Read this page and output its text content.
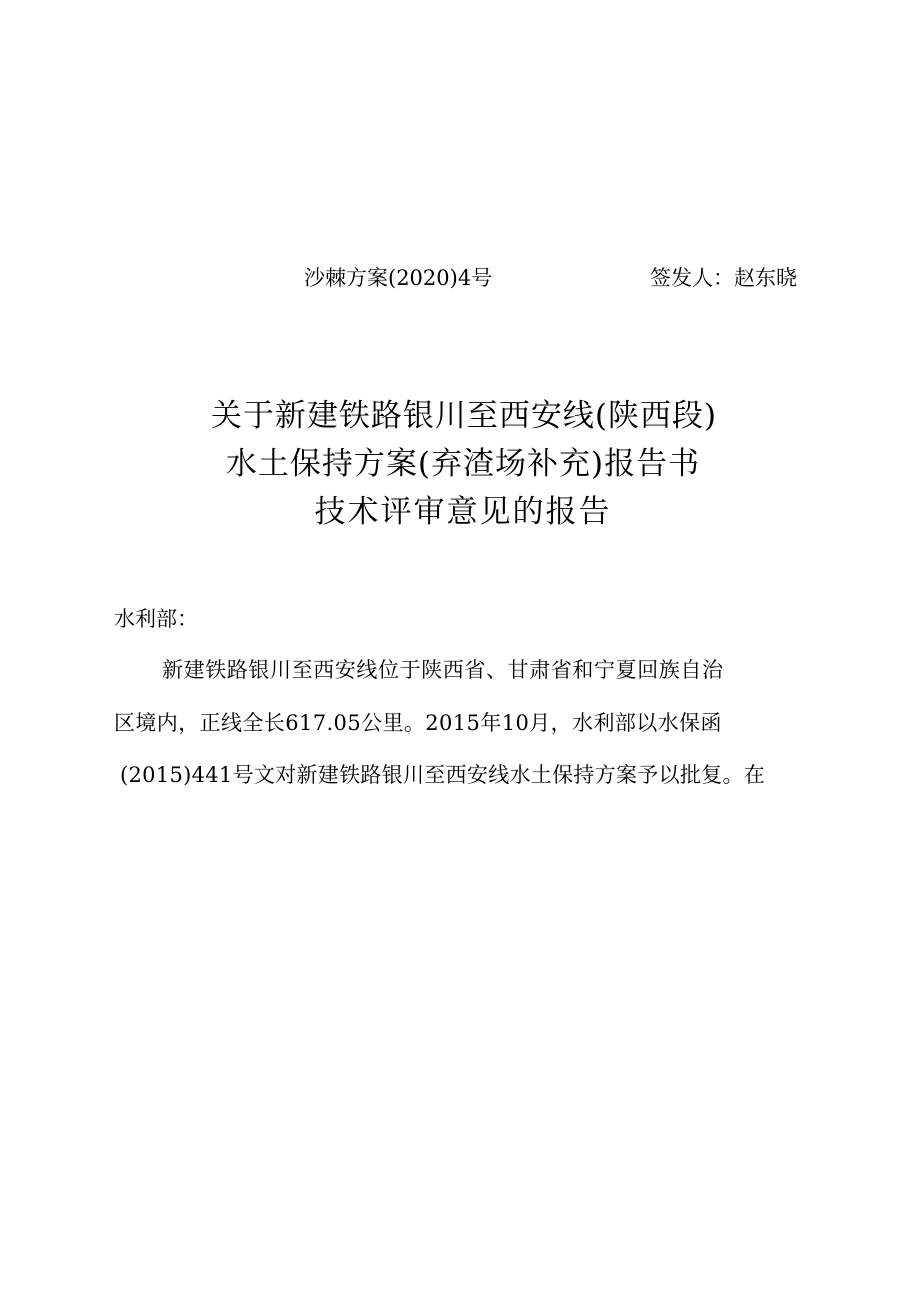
沙棘方案(2020)4号	签发人：赵东晓
关于新建铁路银川至西安线(陕西段)
水土保持方案(弃渣场补充)报告书
技术评审意见的报告
水利部：
新建铁路银川至西安线位于陕西省、甘肃省和宁夏回族自治
区境内，正线全长617.05公里。2015年10月，水利部以水保函
(2015)441号文对新建铁路银川至西安线水土保持方案予以批复。在
